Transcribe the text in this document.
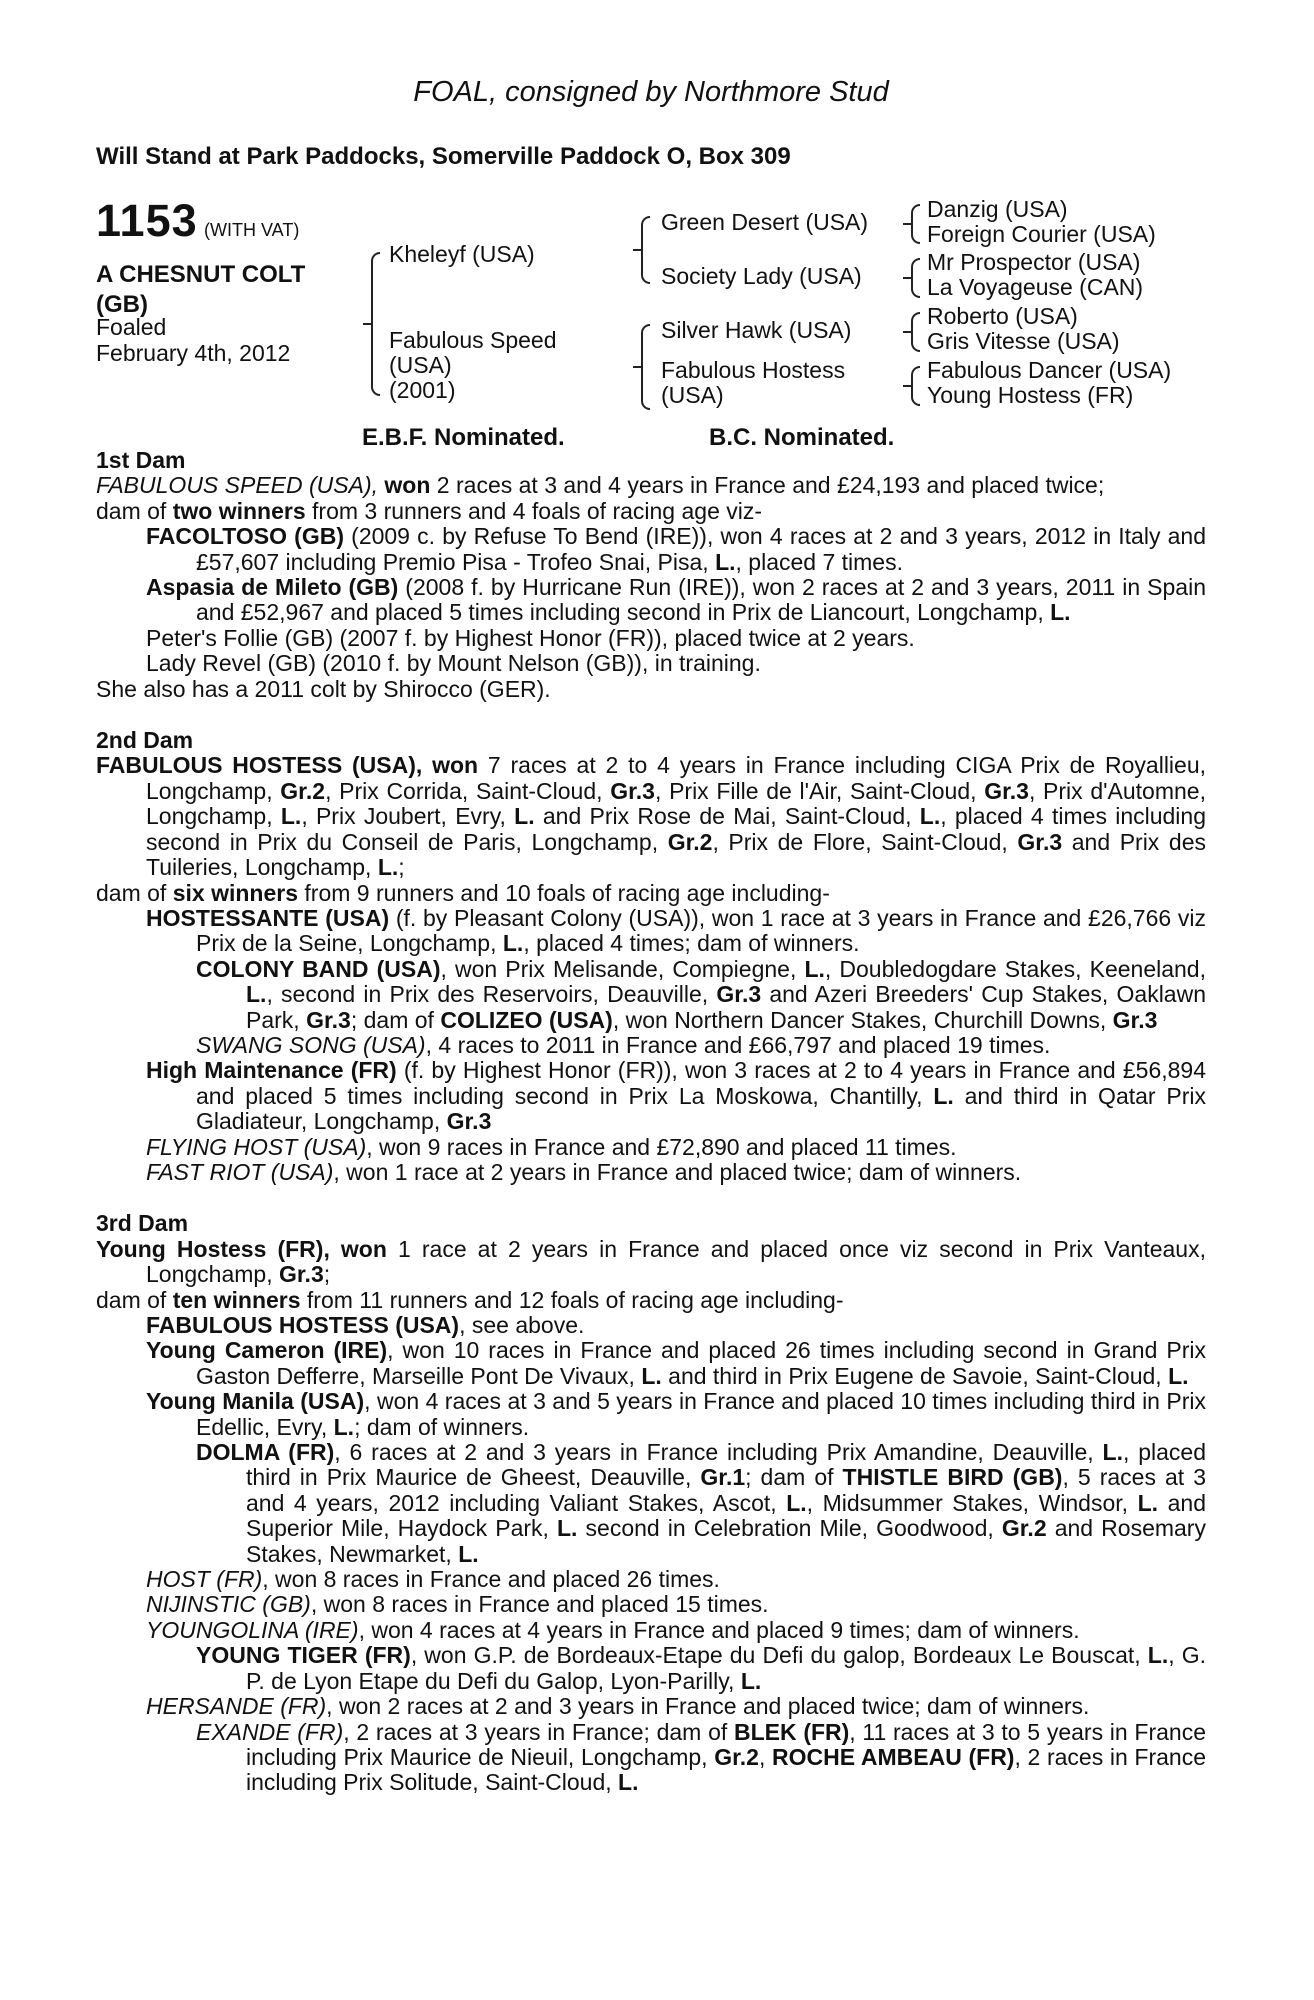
FOAL, consigned by Northmore Stud
Will Stand at Park Paddocks, Somerville Paddock O, Box 309
1153 (WITH VAT)
A CHESNUT COLT
(GB)
Foaled
February 4th, 2012
Kheleyf (USA)
Fabulous Speed
(USA)
(2001)
Green Desert (USA)
Society Lady (USA)
Silver Hawk (USA)
Fabulous Hostess
(USA)
Danzig (USA)
Foreign Courier (USA)
Mr Prospector (USA)
La Voyageuse (CAN)
Roberto (USA)
Gris Vitesse (USA)
Fabulous Dancer (USA)
Young Hostess (FR)
E.B.F. Nominated.	B.C. Nominated.

1st Dam

FABULOUS SPEED (USA), won 2 races at 3 and 4 years in France and £24,193 and placed twice;

dam of two winners from 3 runners and 4 foals of racing age viz-

FACOLTOSO (GB) (2009 c. by Refuse To Bend (IRE)), won 4 races at 2 and 3 years, 2012 in Italy and £57,607 including Premio Pisa - Trofeo Snai, Pisa, L., placed 7 times.

Aspasia de Mileto (GB) (2008 f. by Hurricane Run (IRE)), won 2 races at 2 and 3 years, 2011 in Spain and £52,967 and placed 5 times including second in Prix de Liancourt, Longchamp, L.

Peter's Follie (GB) (2007 f. by Highest Honor (FR)), placed twice at 2 years.

Lady Revel (GB) (2010 f. by Mount Nelson (GB)), in training.

She also has a 2011 colt by Shirocco (GER).

2nd Dam

FABULOUS HOSTESS (USA), won 7 races at 2 to 4 years in France including CIGA Prix de Royallieu, Longchamp, Gr.2, Prix Corrida, Saint-Cloud, Gr.3, Prix Fille de l'Air, Saint-Cloud, Gr.3, Prix d'Automne, Longchamp, L., Prix Joubert, Evry, L. and Prix Rose de Mai, Saint-Cloud, L., placed 4 times including second in Prix du Conseil de Paris, Longchamp, Gr.2, Prix de Flore, Saint-Cloud, Gr.3 and Prix des Tuileries, Longchamp, L.;

dam of six winners from 9 runners and 10 foals of racing age including-

HOSTESSANTE (USA) (f. by Pleasant Colony (USA)), won 1 race at 3 years in France and £26,766 viz Prix de la Seine, Longchamp, L., placed 4 times; dam of winners.

COLONY BAND (USA), won Prix Melisande, Compiegne, L., Doubledogdare Stakes, Keeneland, L., second in Prix des Reservoirs, Deauville, Gr.3 and Azeri Breeders' Cup Stakes, Oaklawn Park, Gr.3; dam of COLIZEO (USA), won Northern Dancer Stakes, Churchill Downs, Gr.3

SWANG SONG (USA), 4 races to 2011 in France and £66,797 and placed 19 times.

High Maintenance (FR) (f. by Highest Honor (FR)), won 3 races at 2 to 4 years in France and £56,894 and placed 5 times including second in Prix La Moskowa, Chantilly, L. and third in Qatar Prix Gladiateur, Longchamp, Gr.3

FLYING HOST (USA), won 9 races in France and £72,890 and placed 11 times.

FAST RIOT (USA), won 1 race at 2 years in France and placed twice; dam of winners.

3rd Dam

Young Hostess (FR), won 1 race at 2 years in France and placed once viz second in Prix Vanteaux, Longchamp, Gr.3;

dam of ten winners from 11 runners and 12 foals of racing age including-

FABULOUS HOSTESS (USA), see above.

Young Cameron (IRE), won 10 races in France and placed 26 times including second in Grand Prix Gaston Defferre, Marseille Pont De Vivaux, L. and third in Prix Eugene de Savoie, Saint-Cloud, L.

Young Manila (USA), won 4 races at 3 and 5 years in France and placed 10 times including third in Prix Edellic, Evry, L.; dam of winners.

DOLMA (FR), 6 races at 2 and 3 years in France including Prix Amandine, Deauville, L., placed third in Prix Maurice de Gheest, Deauville, Gr.1; dam of THISTLE BIRD (GB), 5 races at 3 and 4 years, 2012 including Valiant Stakes, Ascot, L., Midsummer Stakes, Windsor, L. and Superior Mile, Haydock Park, L. second in Celebration Mile, Goodwood, Gr.2 and Rosemary Stakes, Newmarket, L.

HOST (FR), won 8 races in France and placed 26 times.

NIJINSTIC (GB), won 8 races in France and placed 15 times.

YOUNGOLINA (IRE), won 4 races at 4 years in France and placed 9 times; dam of winners.

YOUNG TIGER (FR), won G.P. de Bordeaux-Etape du Defi du galop, Bordeaux Le Bouscat, L., G. P. de Lyon Etape du Defi du Galop, Lyon-Parilly, L.

HERSANDE (FR), won 2 races at 2 and 3 years in France and placed twice; dam of winners.

EXANDE (FR), 2 races at 3 years in France; dam of BLEK (FR), 11 races at 3 to 5 years in France including Prix Maurice de Nieuil, Longchamp, Gr.2, ROCHE AMBEAU (FR), 2 races in France including Prix Solitude, Saint-Cloud, L.
